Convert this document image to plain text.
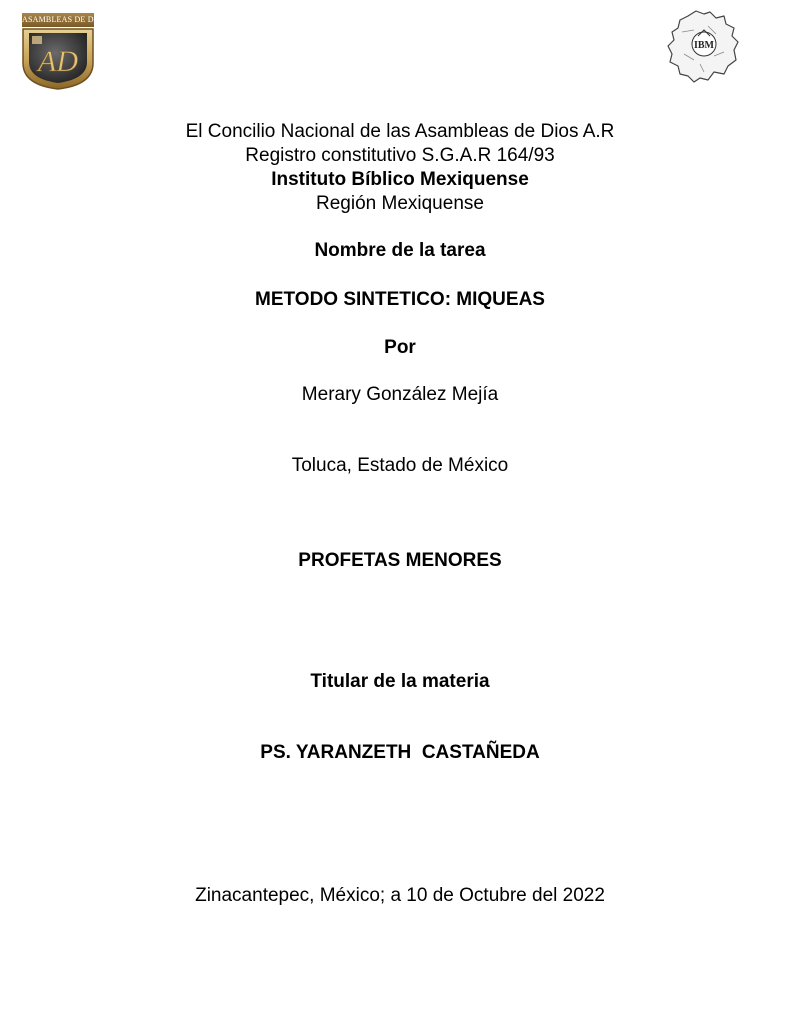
ASAMBLEAS DE DIOS
AD	IBM
El Concilio Nacional de las Asambleas de Dios A.R
Registro constitutivo S.G.A.R 164/93
Instituto Bíblico Mexiquense
Región Mexiquense
Nombre de la tarea
METODO SINTETICO: MIQUEAS
Por
Merary González Mejía
Toluca, Estado de México
PROFETAS MENORES
Titular de la materia
PS. YARANZETH  CASTAÑEDA
Zinacantepec, México; a 10 de Octubre del 2022
